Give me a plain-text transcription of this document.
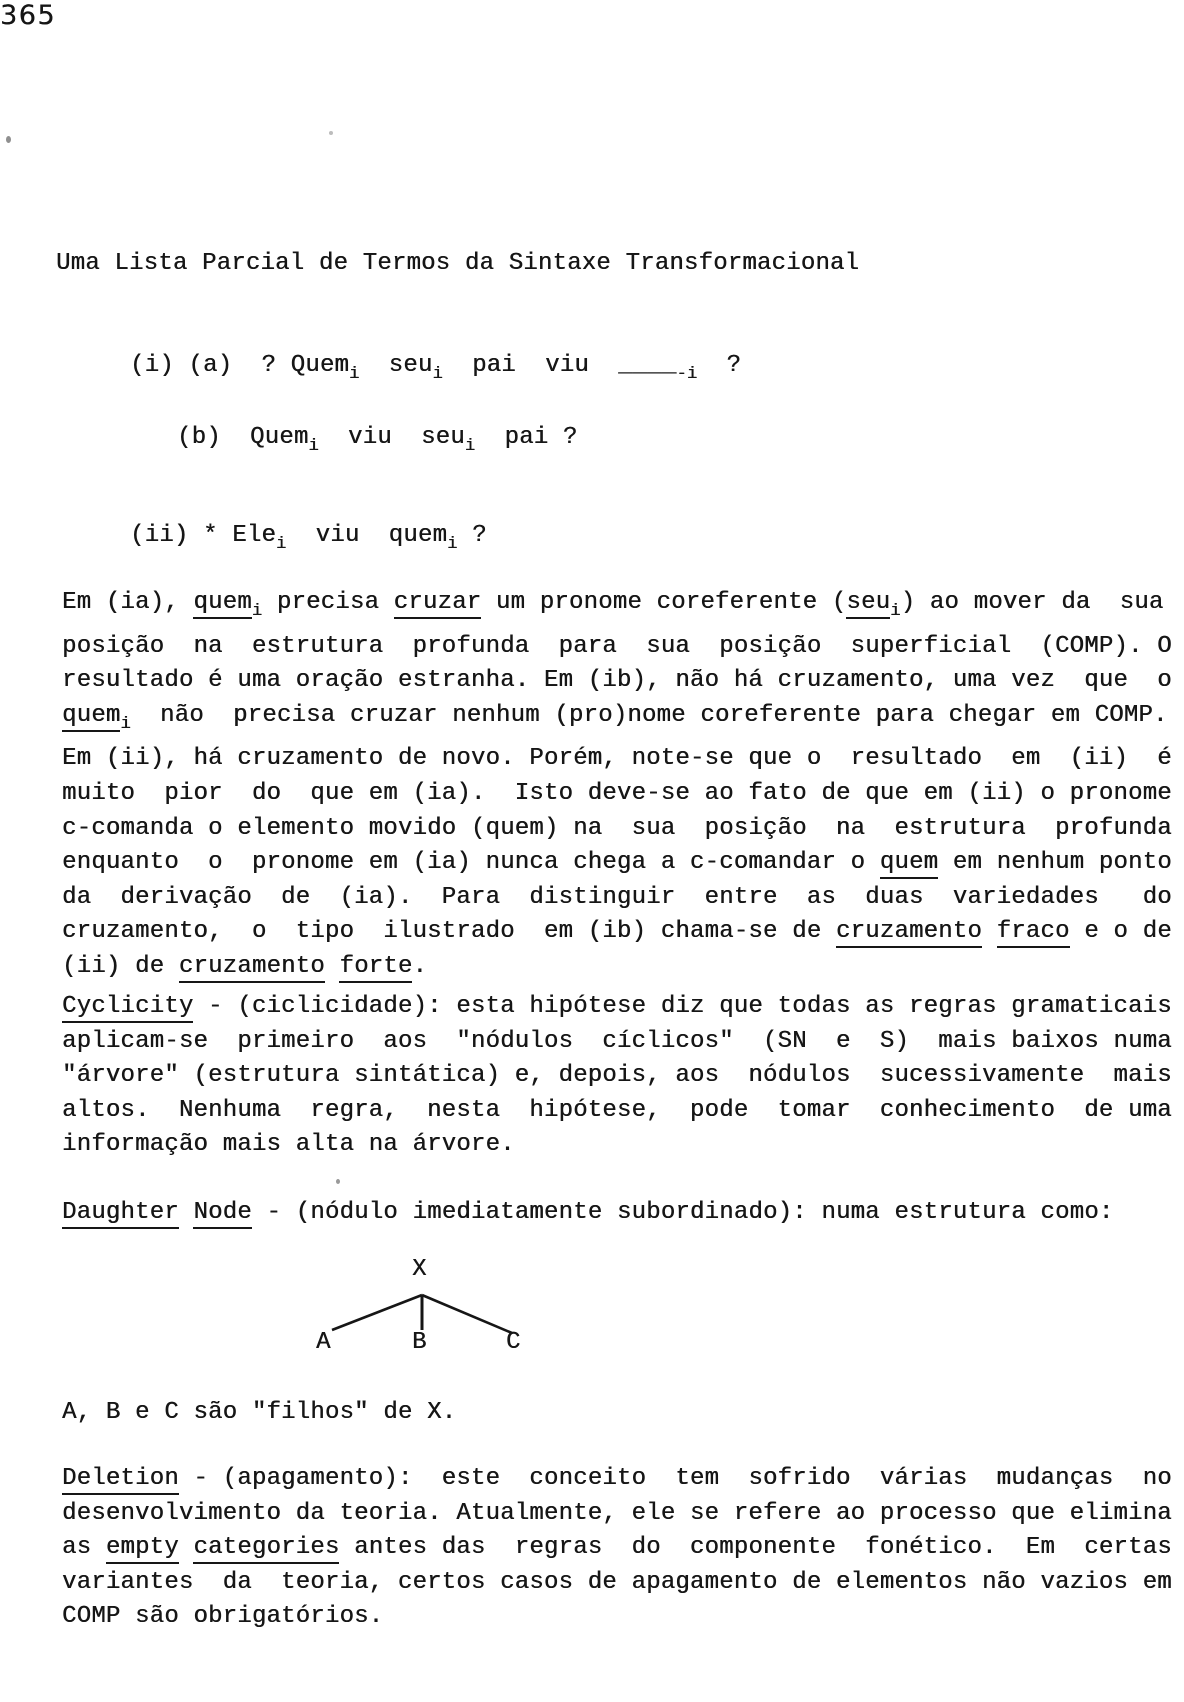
Uma Lista Parcial de Termos da Sintaxe Transformacional
365
(i) (a)  ? Quem$_i$  seu$_i$  pai  viu  $\_\_\_\__{-i}$  ?
(b)  Quem$_i$  viu  seu$_i$  pai ?
(ii) * Ele$_i$  viu  quem$_i$ ?
Em (ia), quem$_i$ precisa cruzar um pronome coreferente (seu$_i$) ao mover da  sua
posição  na  estrutura  profunda  para  sua  posição  superficial  (COMP). O
resultado é uma oração estranha. Em (ib), não há cruzamento, uma vez  que  o
quem$_i$  não  precisa cruzar nenhum (pro)nome coreferente para chegar em COMP.
Em (ii), há cruzamento de novo. Porém, note-se que o  resultado  em  (ii)  é
muito  pior  do  que em (ia).  Isto deve-se ao fato de que em (ii) o pronome
c-comanda o elemento movido (quem) na  sua  posição  na  estrutura  profunda
enquanto  o  pronome em (ia) nunca chega a c-comandar o quem em nenhum ponto
da  derivação  de  (ia).  Para  distinguir  entre  as  duas  variedades   do
cruzamento,  o  tipo  ilustrado  em (ib) chama-se de cruzamento fraco e o de
(ii) de cruzamento forte.
Cyclicity - (ciclicidade): esta hipótese diz que todas as regras gramaticais
aplicam-se  primeiro  aos  "nódulos  cíclicos"  (SN  e  S)  mais baixos numa
"árvore" (estrutura sintática) e, depois, aos  nódulos  sucessivamente  mais
altos.  Nenhuma  regra,  nesta  hipótese,  pode  tomar  conhecimento  de uma
informação mais alta na árvore.
Daughter Node - (nódulo imediatamente subordinado): numa estrutura como:
X
A	B	C
A, B e C são "filhos" de X.
Deletion - (apagamento):  este  conceito  tem  sofrido  várias  mudanças  no
desenvolvimento da teoria. Atualmente, ele se refere ao processo que elimina
as empty categories antes das  regras  do  componente  fonético.  Em  certas
variantes  da  teoria, certos casos de apagamento de elementos não vazios em
COMP são obrigatórios.
